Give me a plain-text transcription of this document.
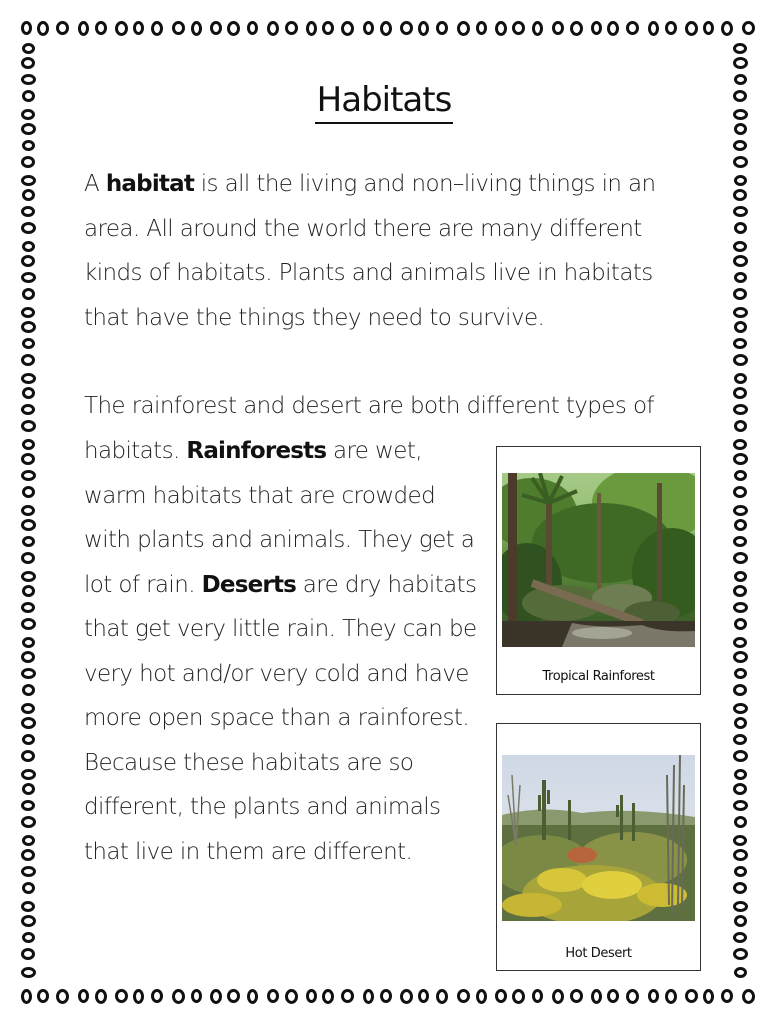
Habitats

A habitat is all the living and non–living things in an area. All around the world there are many different kinds of habitats. Plants and animals live in habitats that have the things they need to survive.

The rainforest and desert are both different types of

habitats. Rainforests are wet, warm habitats that are crowded with plants and animals. They get a lot of rain. Deserts are dry habitats that get very little rain. They can be very hot and/or very cold and have more open space than a rainforest. Because these habitats are so different, the plants and animals that live in them are different.

Tropical Rainforest
Hot Desert
